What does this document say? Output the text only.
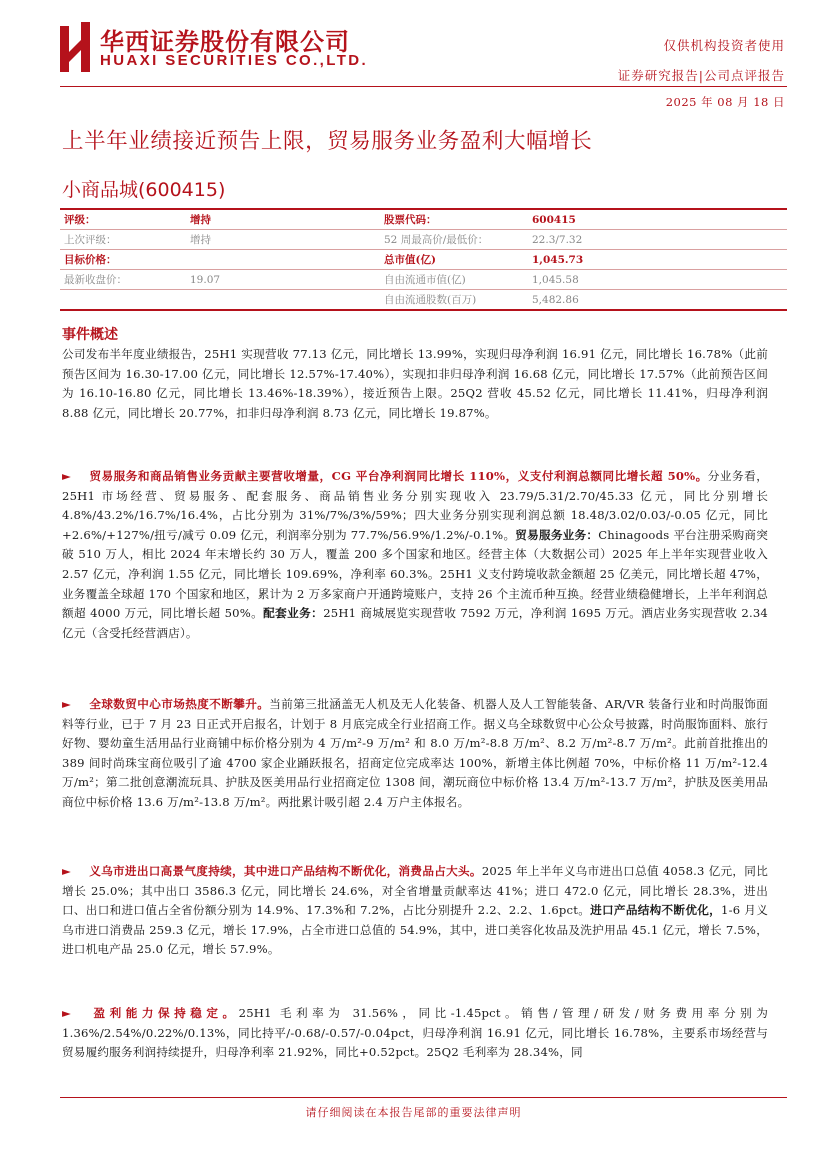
华西证券股份有限公司
HUAXI SECURITIES CO.,LTD.
仅供机构投资者使用
证券研究报告|公司点评报告
2025 年 08 月 18 日
上半年业绩接近预告上限，贸易服务业务盈利大幅增长
小商品城(600415)
评级：	增持	股票代码：	600415
上次评级：	增持	52 周最高价/最低价：	22.3/7.32
目标价格：		总市值(亿)	1,045.73
最新收盘价：	19.07	自由流通市值(亿)	1,045.58
		自由流通股数(百万)	5,482.86
事件概述
公司发布半年度业绩报告，25H1 实现营收 77.13 亿元，同比增长 13.99%，实现归母净利润 16.91 亿元，同比增长 16.78%（此前预告区间为 16.30-17.00 亿元，同比增长 12.57%-17.40%），实现扣非归母净利润 16.68 亿元，同比增长 17.57%（此前预告区间为 16.10-16.80 亿元，同比增长 13.46%-18.39%），接近预告上限。25Q2 营收 45.52 亿元，同比增长 11.41%，归母净利润 8.88 亿元，同比增长 20.77%，扣非归母净利润 8.73 亿元，同比增长 19.87%。
► 贸易服务和商品销售业务贡献主要营收增量，CG 平台净利润同比增长 110%，义支付利润总额同比增长超 50%。分业务看，25H1 市场经营、贸易服务、配套服务、商品销售业务分别实现收入 23.79/5.31/2.70/45.33 亿元，同比分别增长 4.8%/43.2%/16.7%/16.4%，占比分别为 31%/7%/3%/59%；四大业务分别实现利润总额 18.48/3.02/0.03/-0.05 亿元，同比+2.6%/+127%/扭亏/减亏 0.09 亿元，利润率分别为 77.7%/56.9%/1.2%/-0.1%。贸易服务业务：Chinagoods 平台注册采购商突破 510 万人，相比 2024 年末增长约 30 万人，覆盖 200 多个国家和地区。经营主体（大数据公司）2025 年上半年实现营业收入 2.57 亿元，净利润 1.55 亿元，同比增长 109.69%，净利率 60.3%。25H1 义支付跨境收款金额超 25 亿美元，同比增长超 47%，业务覆盖全球超 170 个国家和地区，累计为 2 万多家商户开通跨境账户，支持 26 个主流币种互换。经营业绩稳健增长，上半年利润总额超 4000 万元，同比增长超 50%。配套业务：25H1 商城展览实现营收 7592 万元，净利润 1695 万元。酒店业务实现营收 2.34 亿元（含受托经营酒店）。
► 全球数贸中心市场热度不断攀升。当前第三批涵盖无人机及无人化装备、机器人及人工智能装备、AR/VR 装备行业和时尚服饰面料等行业，已于 7 月 23 日正式开启报名，计划于 8 月底完成全行业招商工作。据义乌全球数贸中心公众号披露，时尚服饰面料、旅行好物、婴幼童生活用品行业商铺中标价格分别为 4 万/m²-9 万/m² 和 8.0 万/m²-8.8 万/m²、8.2 万/m²-8.7 万/m²。此前首批推出的 389 间时尚珠宝商位吸引了逾 4700 家企业踊跃报名，招商定位完成率达 100%，新增主体比例超 70%，中标价格 11 万/m²-12.4 万/m²；第二批创意潮流玩具、护肤及医美用品行业招商定位 1308 间，潮玩商位中标价格 13.4 万/m²-13.7 万/m²，护肤及医美用品商位中标价格 13.6 万/m²-13.8 万/m²。两批累计吸引超 2.4 万户主体报名。
► 义乌市进出口高景气度持续，其中进口产品结构不断优化，消费品占大头。2025 年上半年义乌市进出口总值 4058.3 亿元，同比增长 25.0%；其中出口 3586.3 亿元，同比增长 24.6%，对全省增量贡献率达 41%；进口 472.0 亿元，同比增长 28.3%，进出口、出口和进口值占全省份额分别为 14.9%、17.3%和 7.2%，占比分别提升 2.2、2.2、1.6pct。进口产品结构不断优化，1-6 月义乌市进口消费品 259.3 亿元，增长 17.9%，占全市进口总值的 54.9%，其中，进口美容化妆品及洗护用品 45.1 亿元，增长 7.5%，进口机电产品 25.0 亿元，增长 57.9%。
► 盈利能力保持稳定。25H1 毛利率为 31.56%，同比-1.45pct。销售/管理/研发/财务费用率分别为 1.36%/2.54%/0.22%/0.13%，同比持平/-0.68/-0.57/-0.04pct，归母净利润 16.91 亿元，同比增长 16.78%，主要系市场经营与贸易履约服务利润持续提升，归母净利率 21.92%，同比+0.52pct。25Q2 毛利率为 28.34%，同
请仔细阅读在本报告尾部的重要法律声明
